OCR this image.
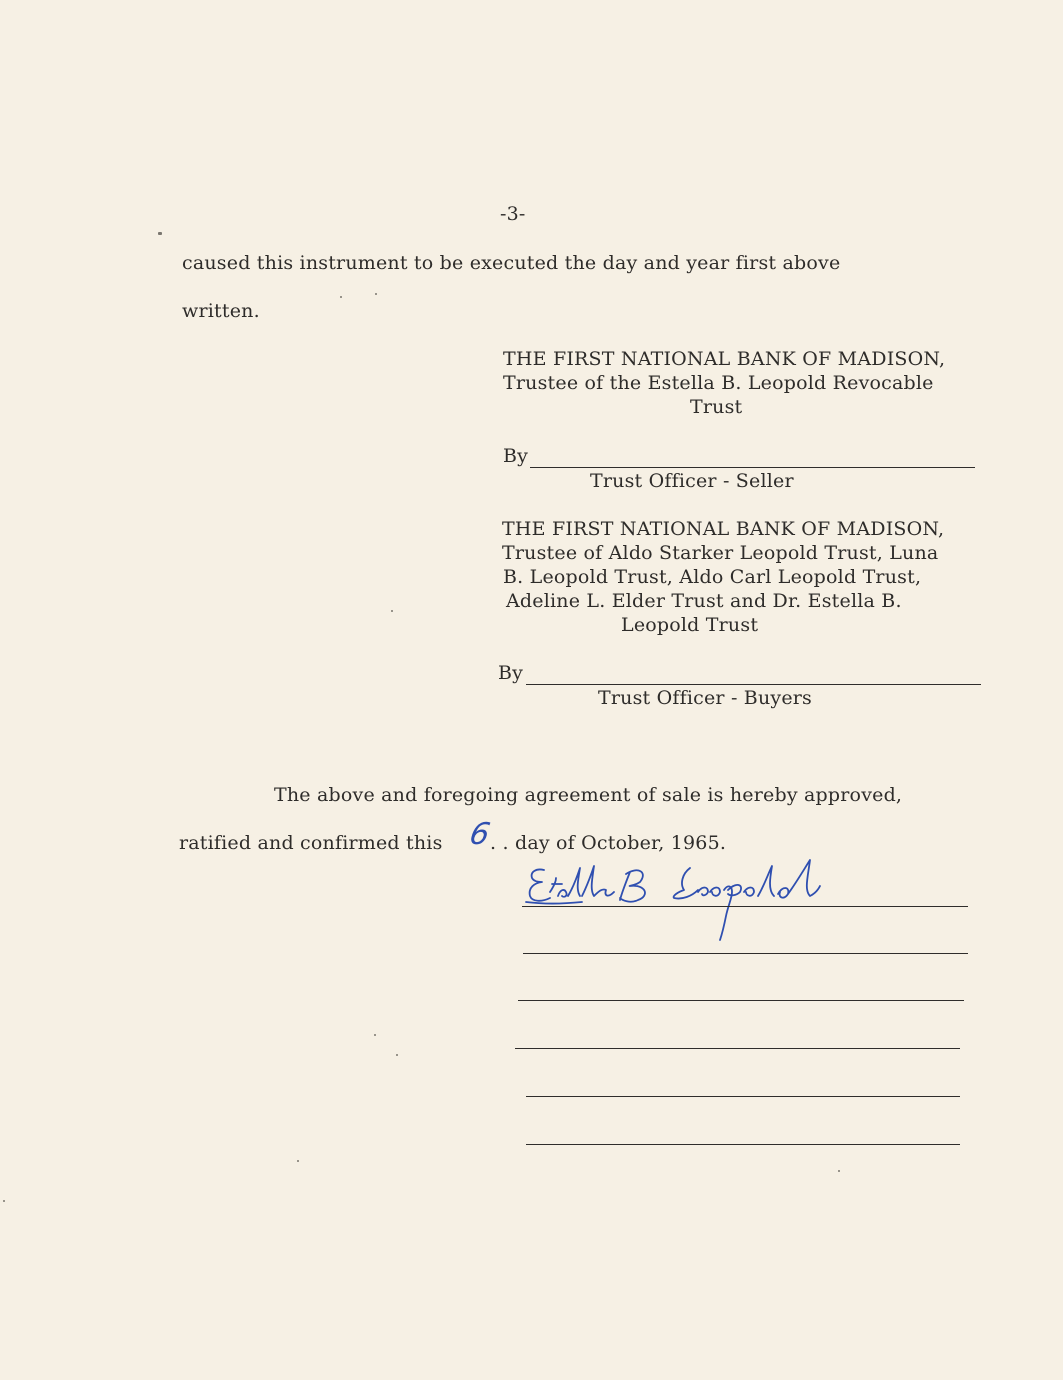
-3-
caused this instrument to be executed the day and year first above
written.
THE FIRST NATIONAL BANK OF MADISON,
Trustee of the Estella B. Leopold Revocable
Trust
By
Trust Officer - Seller
THE FIRST NATIONAL BANK OF MADISON,
Trustee of Aldo Starker Leopold Trust, Luna
B. Leopold Trust, Aldo Carl Leopold Trust,
Adeline L. Elder Trust and Dr. Estella B.
Leopold Trust
By
Trust Officer - Buyers
The above and foregoing agreement of sale is hereby approved,
ratified and confirmed this 6
. . day of October, 1965.
